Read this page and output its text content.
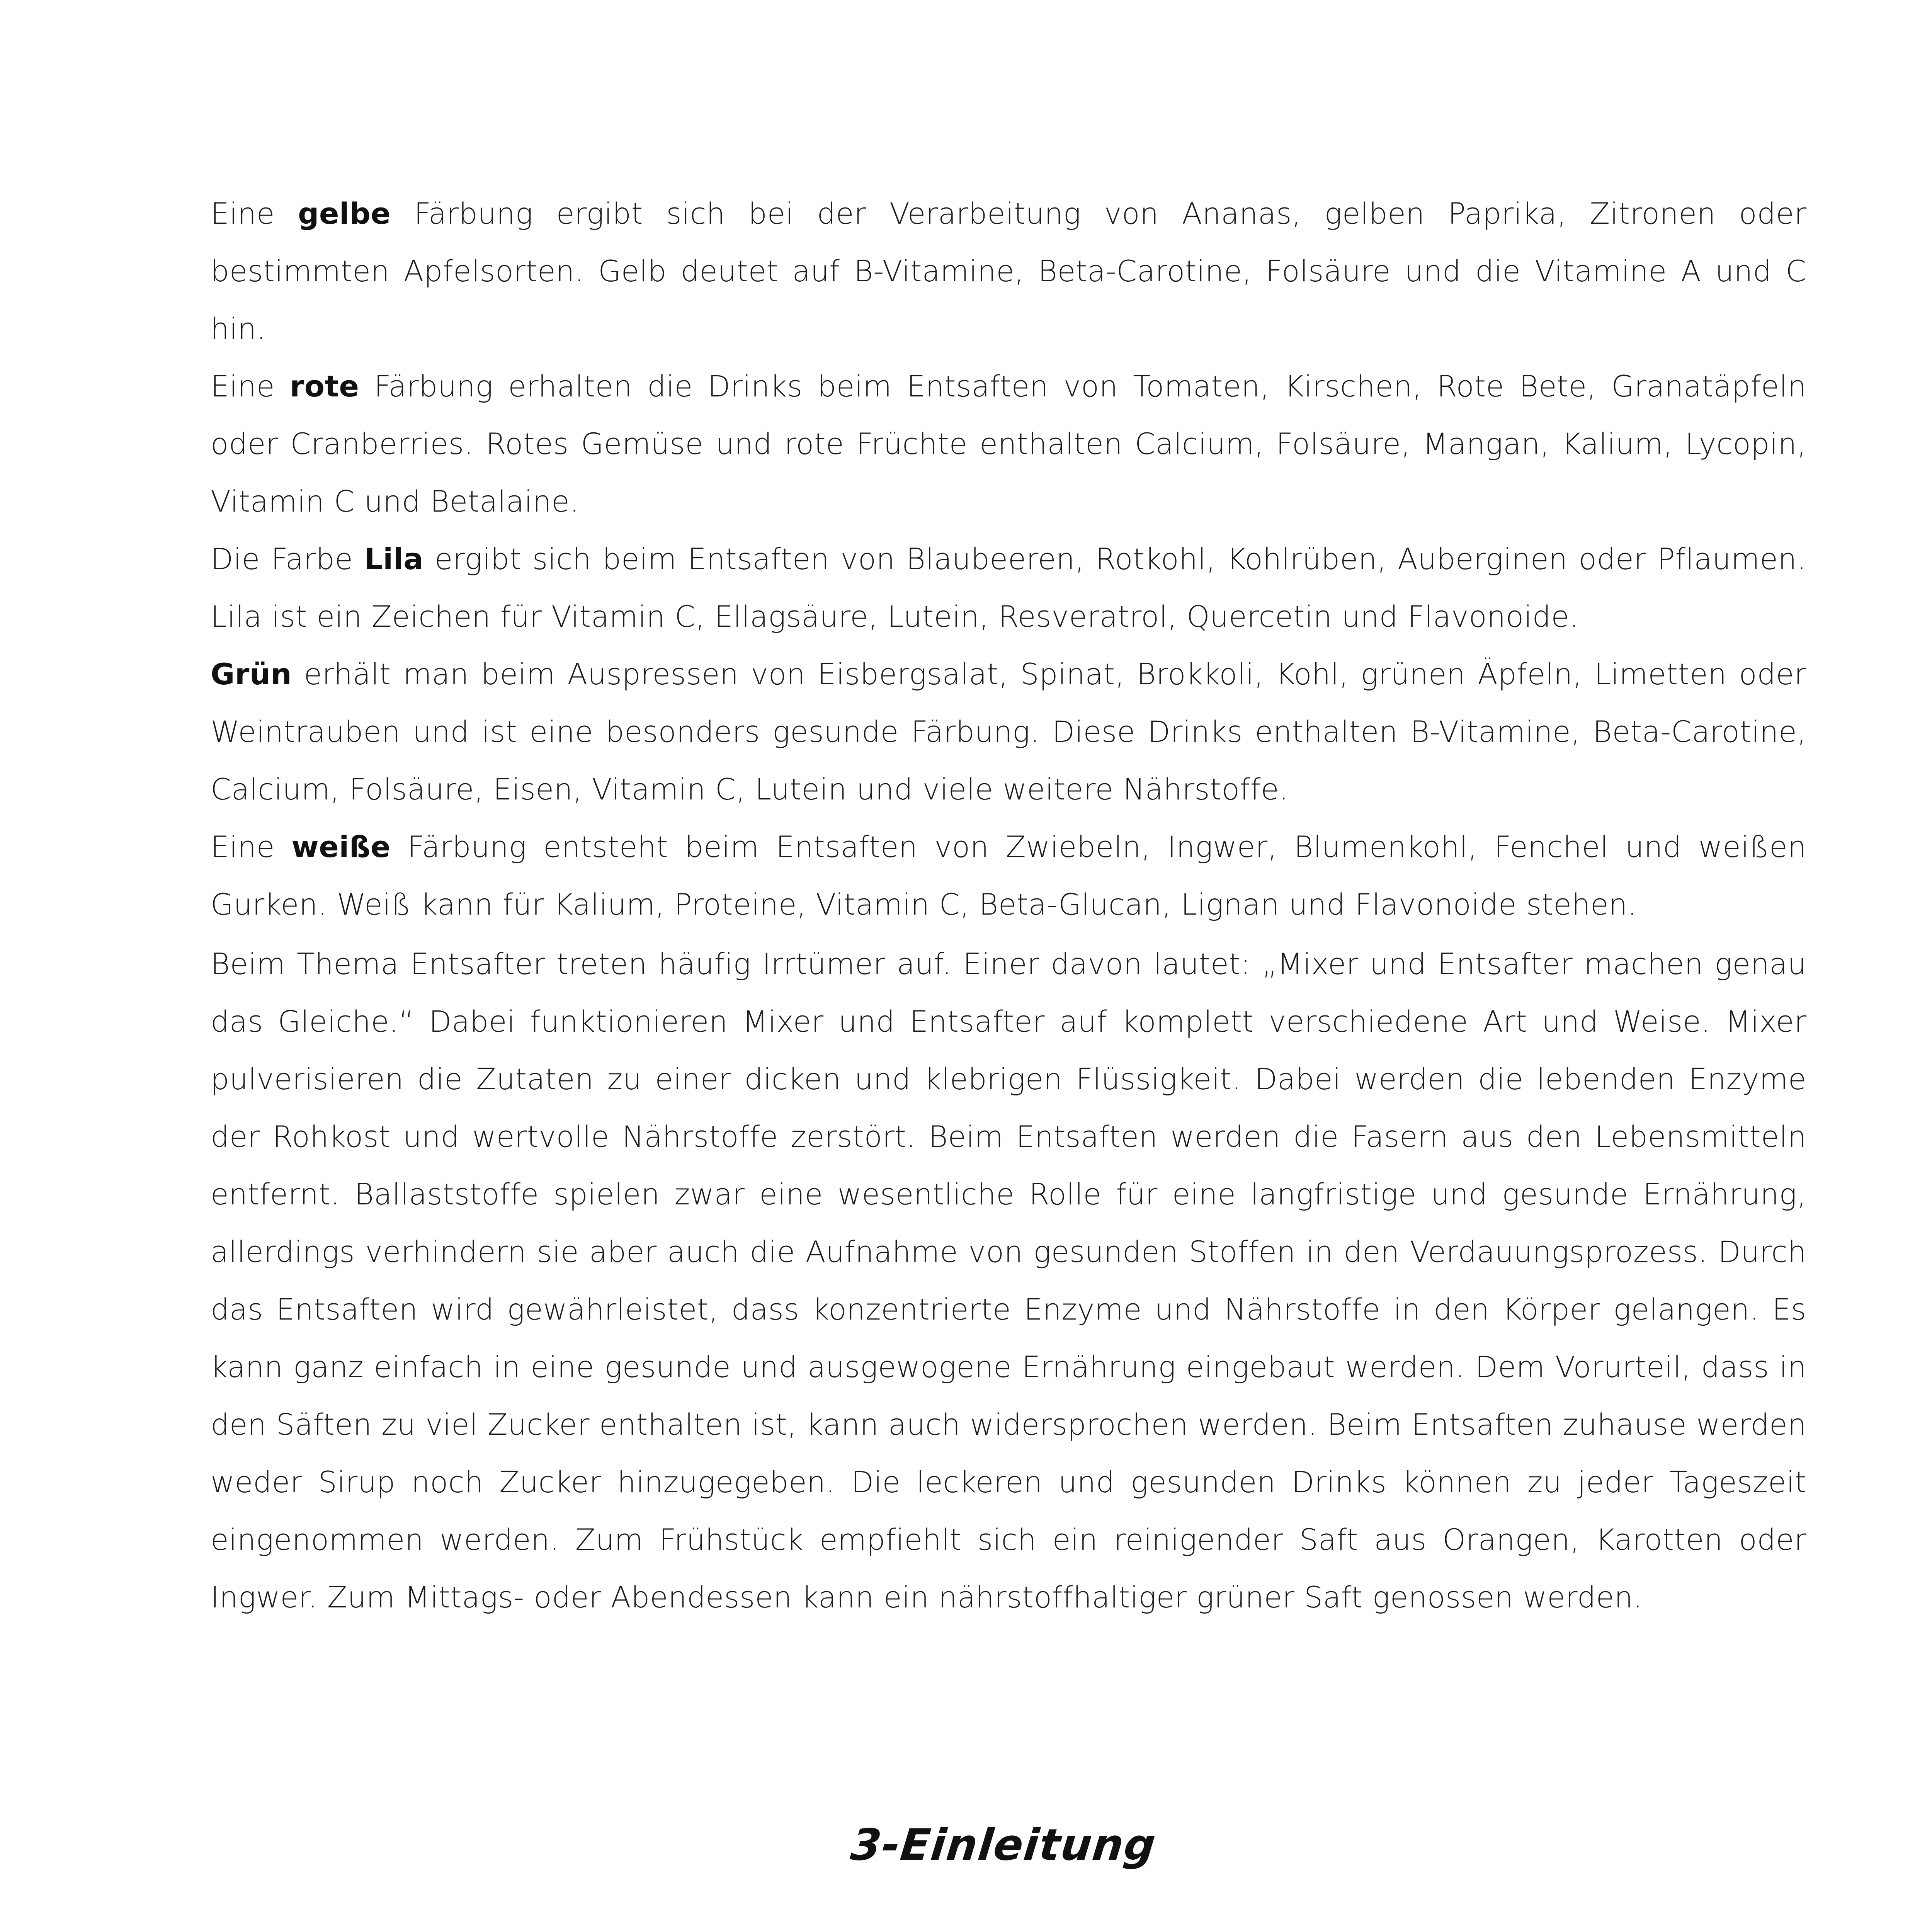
Eine gelbe Färbung ergibt sich bei der Verarbeitung von Ananas, gelben Paprika, Zitronen oder bestimmten Apfelsorten. Gelb deutet auf B-Vitamine, Beta-Carotine, Folsäure und die Vitamine A und C hin.

Eine rote Färbung erhalten die Drinks beim Entsaften von Tomaten, Kirschen, Rote Bete, Granatäpfeln oder Cranberries. Rotes Gemüse und rote Früchte enthalten Calcium, Folsäure, Mangan, Kalium, Lycopin, Vitamin C und Betalaine.

Die Farbe Lila ergibt sich beim Entsaften von Blaubeeren, Rotkohl, Kohlrüben, Auberginen oder Pflaumen. Lila ist ein Zeichen für Vitamin C, Ellagsäure, Lutein, Resveratrol, Quercetin und Flavonoide.

Grün erhält man beim Auspressen von Eisbergsalat, Spinat, Brokkoli, Kohl, grünen Äpfeln, Limetten oder Weintrauben und ist eine besonders gesunde Färbung. Diese Drinks enthalten B-Vitamine, Beta-Carotine, Calcium, Folsäure, Eisen, Vitamin C, Lutein und viele weitere Nährstoffe.

Eine weiße Färbung entsteht beim Entsaften von Zwiebeln, Ingwer, Blumenkohl, Fenchel und weißen Gurken. Weiß kann für Kalium, Proteine, Vitamin C, Beta-Glucan, Lignan und Flavonoide stehen.

Beim Thema Entsafter treten häufig Irrtümer auf. Einer davon lautet: „Mixer und Entsafter machen genau das Gleiche.“ Dabei funktionieren Mixer und Entsafter auf komplett verschiedene Art und Weise. Mixer pulverisieren die Zutaten zu einer dicken und klebrigen Flüssigkeit. Dabei werden die lebenden Enzyme der Rohkost und wertvolle Nährstoffe zerstört. Beim Entsaften werden die Fasern aus den Lebensmitteln entfernt. Ballaststoffe spielen zwar eine wesentliche Rolle für eine langfristige und gesunde Ernährung, allerdings verhindern sie aber auch die Aufnahme von gesunden Stoffen in den Verdauungsprozess. Durch das Entsaften wird gewährleistet, dass konzentrierte Enzyme und Nährstoffe in den Körper gelangen. Es kann ganz einfach in eine gesunde und ausgewogene Ernährung eingebaut werden. Dem Vorurteil, dass in den Säften zu viel Zucker enthalten ist, kann auch widersprochen werden. Beim Entsaften zuhause werden weder Sirup noch Zucker hinzugegeben. Die leckeren und gesunden Drinks können zu jeder Tageszeit eingenommen werden. Zum Frühstück empfiehlt sich ein reinigender Saft aus Orangen, Karotten oder Ingwer. Zum Mittags- oder Abendessen kann ein nährstoffhaltiger grüner Saft genossen werden.

3-Einleitung
